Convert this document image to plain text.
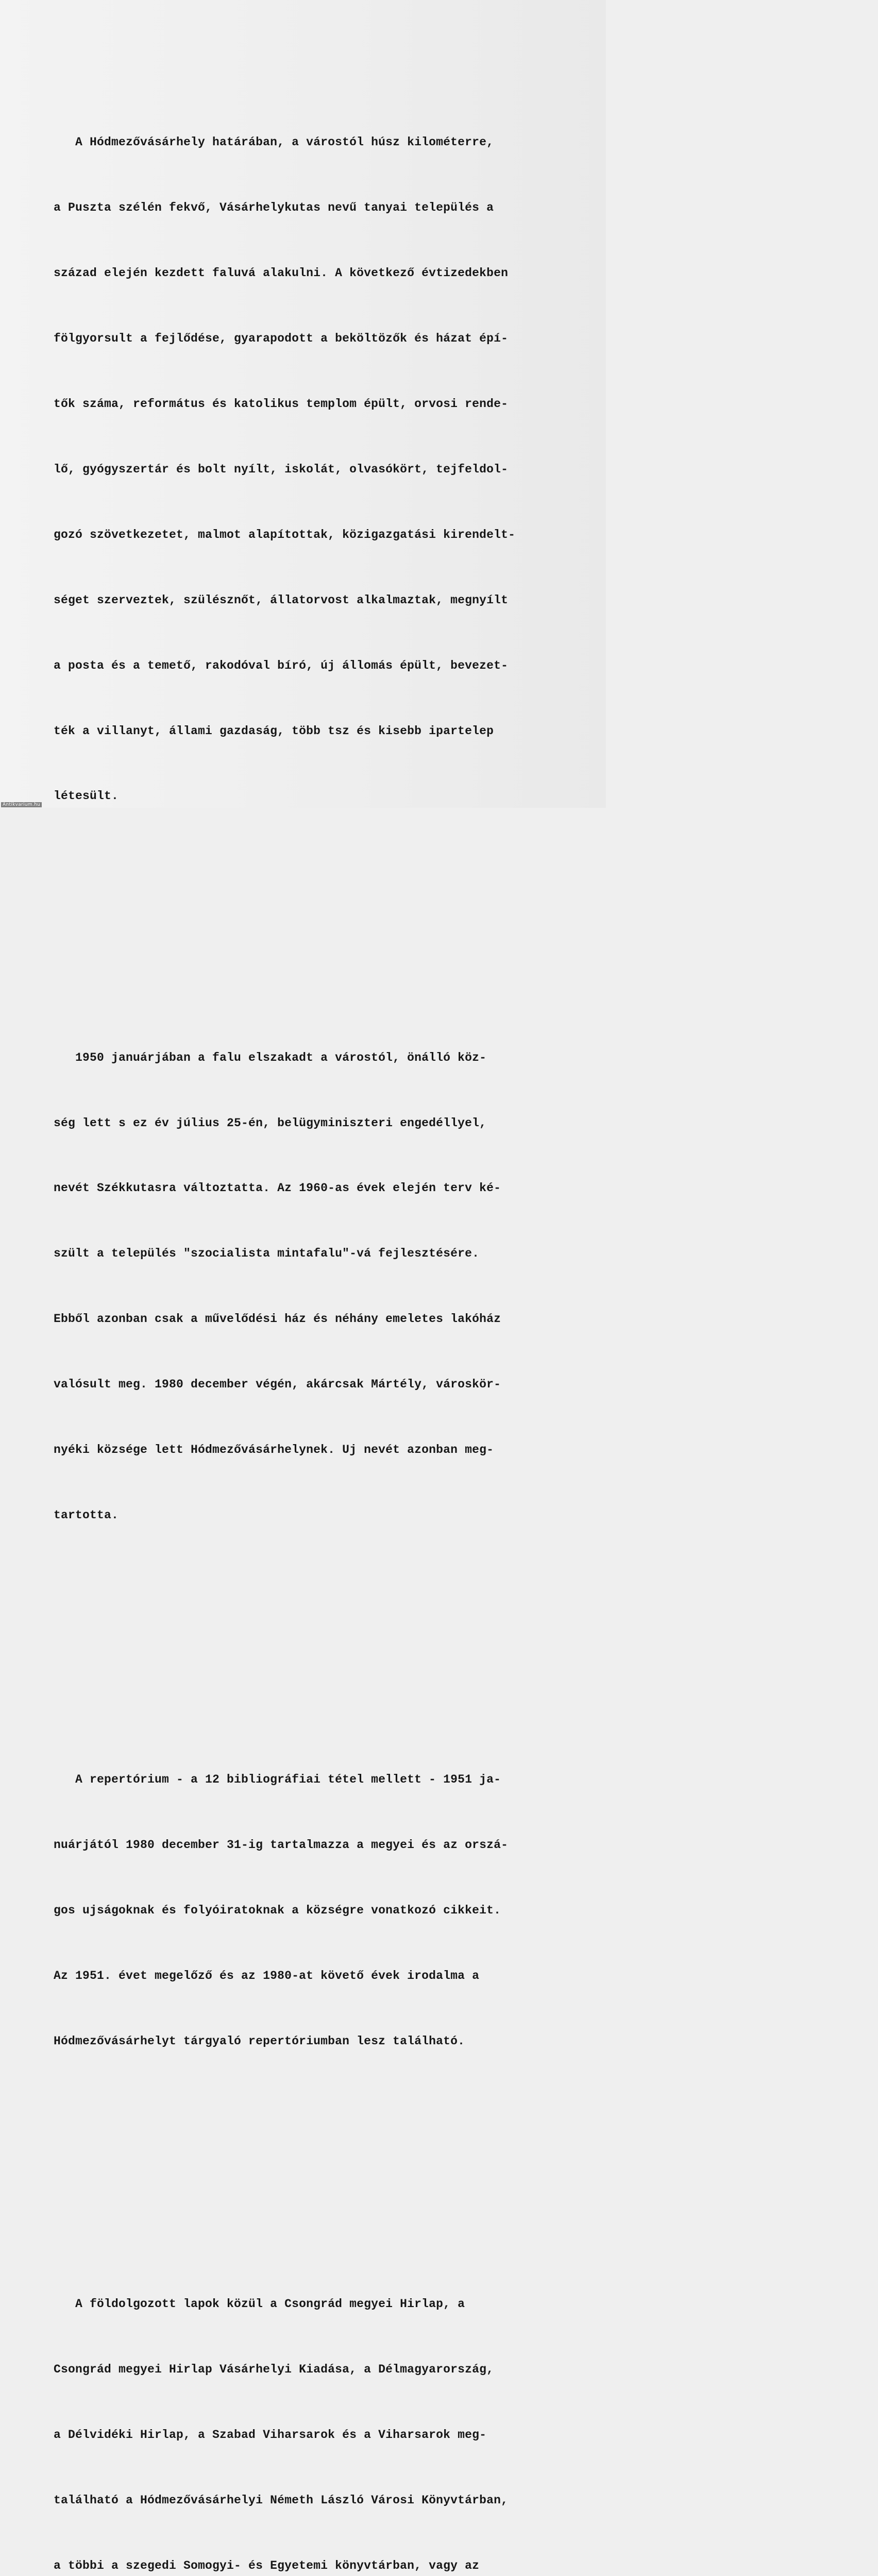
A Hódmezővásárhely határában, a várostól húsz kilométerre,

a Puszta szélén fekvő, Vásárhelykutas nevű tanyai település a

század elején kezdett faluvá alakulni. A következő évtizedekben

fölgyorsult a fejlődése, gyarapodott a beköltözők és házat épí-

tők száma, református és katolikus templom épült, orvosi rende-

lő, gyógyszertár és bolt nyílt, iskolát, olvasókört, tejfeldol-

gozó szövetkezetet, malmot alapítottak, közigazgatási kirendelt-

séget szerveztek, szülésznőt, állatorvost alkalmaztak, megnyílt

a posta és a temető, rakodóval bíró, új állomás épült, bevezet-

ték a villanyt, állami gazdaság, több tsz és kisebb ipartelep

létesült.

1950 januárjában a falu elszakadt a várostól, önálló köz-

ség lett s ez év július 25-én, belügyminiszteri engedéllyel,

nevét Székkutasra változtatta. Az 1960-as évek elején terv ké-

szült a település "szocialista mintafalu"-vá fejlesztésére.

Ebből azonban csak a művelődési ház és néhány emeletes lakóház

valósult meg. 1980 december végén, akárcsak Mártély, városkör-

nyéki községe lett Hódmezővásárhelynek. Uj nevét azonban meg-

tartotta.

A repertórium - a 12 bibliográfiai tétel mellett - 1951 ja-

nuárjától 1980 december 31-ig tartalmazza a megyei és az orszá-

gos ujságoknak és folyóiratoknak a községre vonatkozó cikkeit.

Az 1951. évet megelőző és az 1980-at követő évek irodalma a

Hódmezővásárhelyt tárgyaló repertóriumban lesz található.

A földolgozott lapok közül a Csongrád megyei Hirlap, a

Csongrád megyei Hirlap Vásárhelyi Kiadása, a Délmagyarország,

a Délvidéki Hirlap, a Szabad Viharsarok és a Viharsarok meg-

található a Hódmezővásárhelyi Németh László Városi Könyvtárban,

a többi a szegedi Somogyi- és Egyetemi könyvtárban, vagy az

Antikvarium.hu
